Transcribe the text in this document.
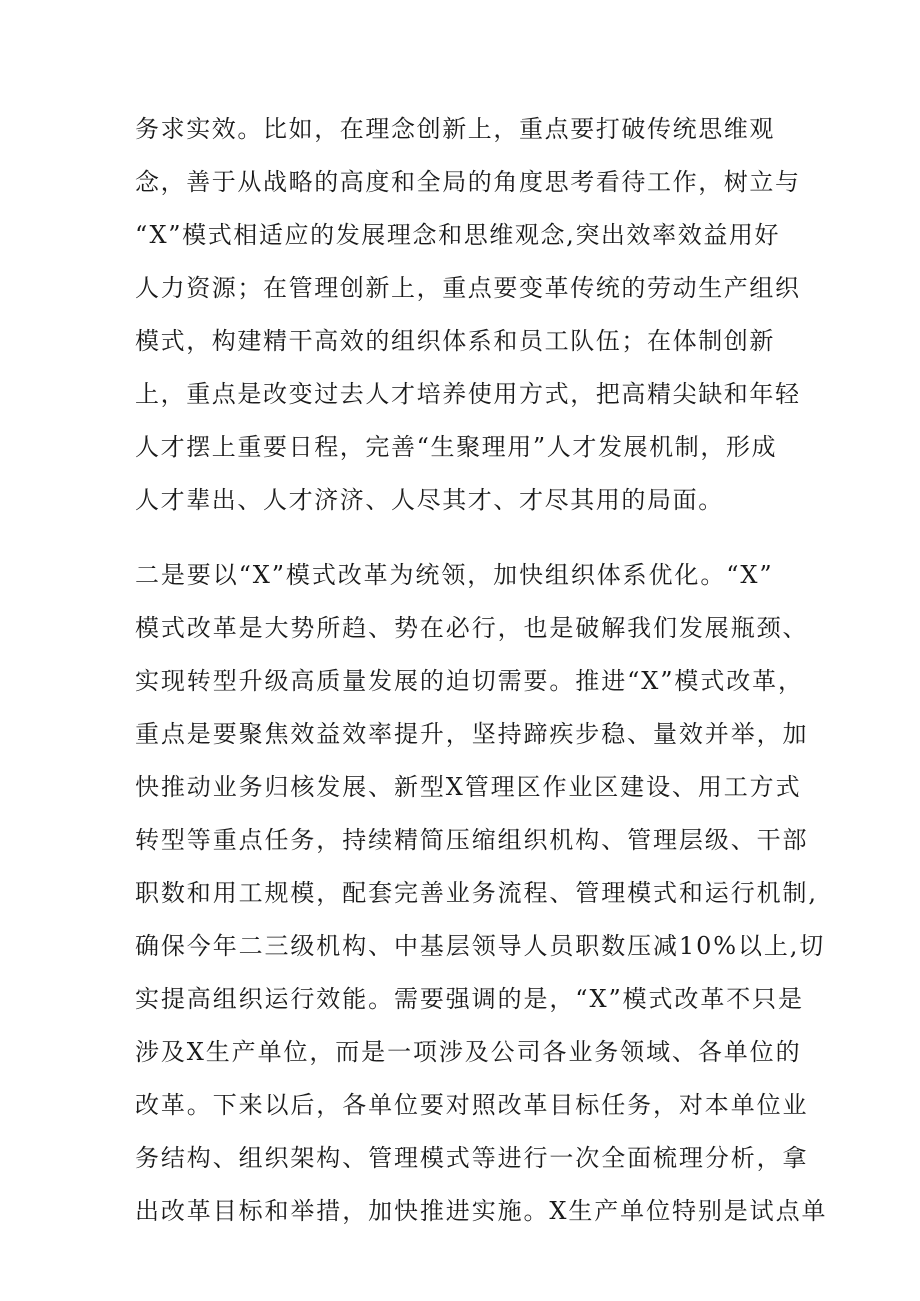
务求实效。比如，在理念创新上，重点要打破传统思维观
念，善于从战略的高度和全局的角度思考看待工作，树立与
“X”模式相适应的发展理念和思维观念,突出效率效益用好
人力资源；在管理创新上，重点要变革传统的劳动生产组织
模式，构建精干高效的组织体系和员工队伍；在体制创新
上，重点是改变过去人才培养使用方式，把高精尖缺和年轻
人才摆上重要日程，完善“生聚理用”人才发展机制，形成
人才辈出、人才济济、人尽其才、才尽其用的局面。
二是要以“X”模式改革为统领，加快组织体系优化。“X”
模式改革是大势所趋、势在必行，也是破解我们发展瓶颈、
实现转型升级高质量发展的迫切需要。推进“X”模式改革，
重点是要聚焦效益效率提升，坚持蹄疾步稳、量效并举，加
快推动业务归核发展、新型X管理区作业区建设、用工方式
转型等重点任务，持续精简压缩组织机构、管理层级、干部
职数和用工规模，配套完善业务流程、管理模式和运行机制,
确保今年二三级机构、中基层领导人员职数压减10%以上,切
实提高组织运行效能。需要强调的是，“X”模式改革不只是
涉及X生产单位，而是一项涉及公司各业务领域、各单位的
改革。下来以后，各单位要对照改革目标任务，对本单位业
务结构、组织架构、管理模式等进行一次全面梳理分析，拿
出改革目标和举措，加快推进实施。X生产单位特别是试点单
